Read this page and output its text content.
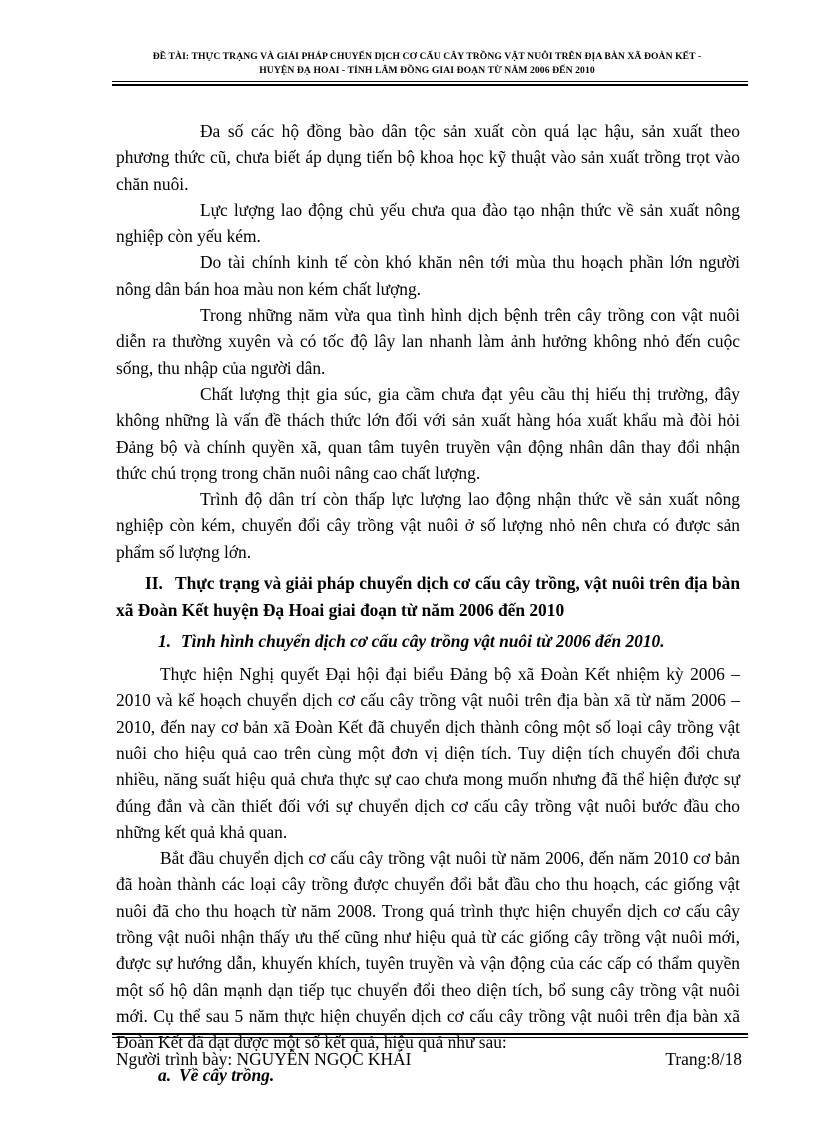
ĐỀ TÀI: THỰC TRẠNG VÀ GIẢI PHÁP CHUYỂN DỊCH CƠ CẤU CÂY TRỒNG VẬT NUÔI TRÊN ĐỊA BÀN XÃ ĐOÀN KẾT -
HUYỆN ĐẠ HOAI - TỈNH LÂM ĐỒNG GIAI ĐOẠN TỪ NĂM 2006 ĐẾN 2010

Đa số các hộ đồng bào dân tộc sản xuất còn quá lạc hậu, sản xuất theo phương thức cũ, chưa biết áp dụng tiến bộ khoa học kỹ thuật vào sản xuất trồng trọt vào chăn nuôi.

Lực lượng lao động chủ yếu chưa qua đào tạo nhận thức về sản xuất nông nghiệp còn yếu kém.

Do tài chính kinh tế còn khó khăn nên tới mùa thu hoạch phần lớn người nông dân bán hoa màu non kém chất lượng.

Trong những năm vừa qua tình hình dịch bệnh trên cây trồng con vật nuôi diễn ra thường xuyên và có tốc độ lây lan nhanh làm ảnh hưởng không nhỏ đến cuộc sống, thu nhập của người dân.

Chất lượng thịt gia súc, gia cầm chưa đạt yêu cầu thị hiếu thị trường, đây không những là vấn đề thách thức lớn đối với sản xuất hàng hóa xuất khẩu mà đòi hỏi Đảng bộ và chính quyền xã, quan tâm tuyên truyền vận động nhân dân thay đổi nhận thức chú trọng trong chăn nuôi nâng cao chất lượng.

Trình độ dân trí còn thấp lực lượng lao động nhận thức về sản xuất nông nghiệp còn kém, chuyển đổi cây trồng vật nuôi ở số lượng nhỏ nên chưa có được sản phẩm số lượng lớn.

II. Thực trạng và giải pháp chuyển dịch cơ cấu cây trồng, vật nuôi trên địa bàn xã Đoàn Kết huyện Đạ Hoai giai đoạn từ năm 2006 đến 2010

1. Tình hình chuyển dịch cơ cấu cây trồng vật nuôi từ 2006 đến 2010.

Thực hiện Nghị quyết Đại hội đại biểu Đảng bộ xã Đoàn Kết nhiệm kỳ 2006 – 2010 và kế hoạch chuyển dịch cơ cấu cây trồng vật nuôi trên địa bàn xã từ năm 2006 – 2010, đến nay cơ bản xã Đoàn Kết đã chuyển dịch thành công một số loại cây trồng vật nuôi cho hiệu quả cao trên cùng một đơn vị diện tích. Tuy diện tích chuyển đổi chưa nhiều, năng suất hiệu quả chưa thực sự cao chưa mong muốn nhưng đã thể hiện được sự đúng đắn và cần thiết đối với sự chuyển dịch cơ cấu cây trồng vật nuôi bước đầu cho những kết quả khả quan.

Bắt đầu chuyển dịch cơ cấu cây trồng vật nuôi từ năm 2006, đến năm 2010 cơ bản đã hoàn thành các loại cây trồng được chuyển đổi bắt đầu cho thu hoạch, các giống vật nuôi đã cho thu hoạch từ năm 2008. Trong quá trình thực hiện chuyển dịch cơ cấu cây trồng vật nuôi nhận thấy ưu thế cũng như hiệu quả từ các giống cây trồng vật nuôi mới, được sự hướng dẫn, khuyến khích, tuyên truyền và vận động của các cấp có thẩm quyền một số hộ dân mạnh dạn tiếp tục chuyển đổi theo diện tích, bổ sung cây trồng vật nuôi mới. Cụ thể sau 5 năm thực hiện chuyển dịch cơ cấu cây trồng vật nuôi trên địa bàn xã Đoàn Kết đã đạt được một số kết quả, hiệu quả như sau:

a. Về cây trồng.

Người trình bày: NGUYỄN NGỌC KHẢI	Trang:8/18
